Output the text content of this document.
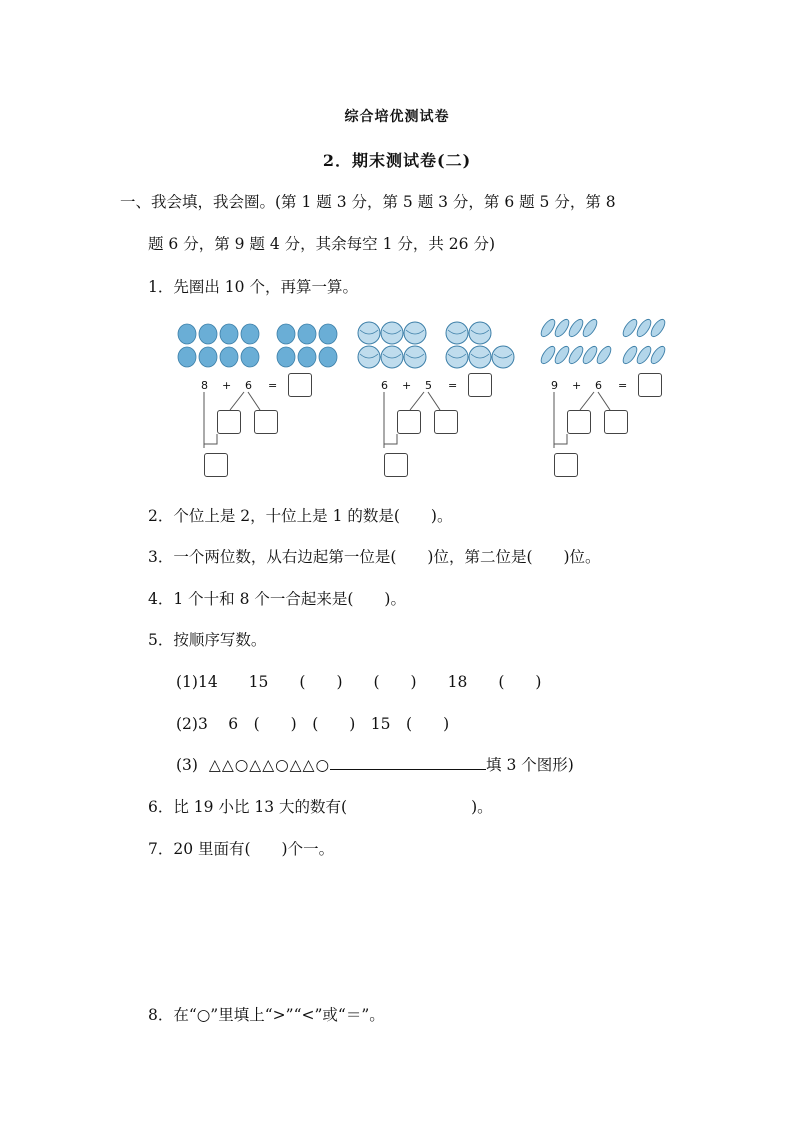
综合培优测试卷
2．期末测试卷(二)
一、我会填，我会圈。(第 1 题 3 分，第 5 题 3 分，第 6 题 5 分，第 8
题 6 分，第 9 题 4 分，其余每空 1 分，共 26 分)
1．先圈出 10 个，再算一算。
8 + 6 =	6 + 5 =	9 + 6 =
2．个位上是 2，十位上是 1 的数是(　　)。
3．一个两位数，从右边起第一位是(　　)位，第二位是(　　)位。
4．1 个十和 8 个一合起来是(　　)。
5．按顺序写数。
(1)14　　15　　(　　)　　(　　)　　18　　(　　)
(2)3　 6　(　　)　(　　)　15　(　　)
(3) △△○△△○△△○	填 3 个图形)
6．比 19 小比 13 大的数有(　　　　　　　　)。
7．20 里面有(　　)个一。
8．在“○”里填上“>”“<”或“＝”。
